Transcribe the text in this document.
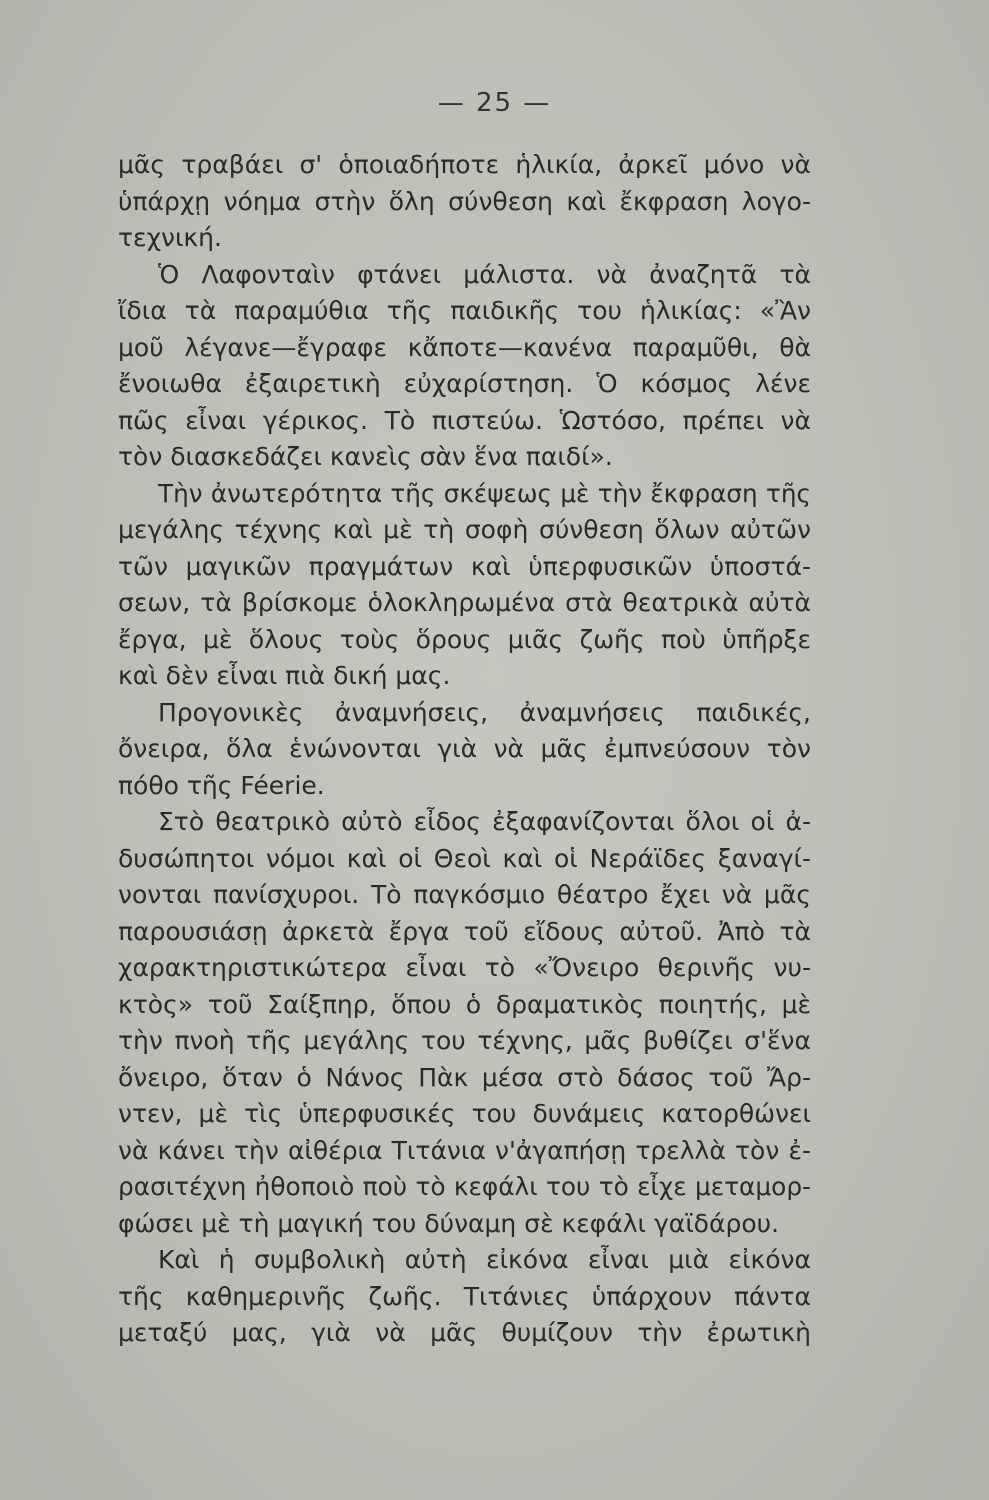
— 25 —
μᾶς τραβάει σ' ὁποιαδήποτε ἡλικία, ἀρκεῖ μόνο νὰ
ὑπάρχῃ νόημα στὴν ὅλη σύνθεση καὶ ἔκφραση λογο-
τεχνική.
Ὁ Λαφονταὶν φτάνει μάλιστα. νὰ ἀναζητᾶ τὰ
ἴδια τὰ παραμύθια τῆς παιδικῆς του ἡλικίας: «Ἂν
μοῦ λέγανε—ἔγραφε κἄποτε—κανένα παραμῦθι, θὰ
ἔνοιωθα ἐξαιρετικὴ εὐχαρίστηση. Ὁ κόσμος λένε
πῶς εἶναι γέρικος. Τὸ πιστεύω. Ὡστόσο, πρέπει νὰ
τὸν διασκεδάζει κανεὶς σὰν ἕνα παιδί».
Τὴν ἀνωτερότητα τῆς σκέψεως μὲ τὴν ἔκφραση τῆς
μεγάλης τέχνης καὶ μὲ τὴ σοφὴ σύνθεση ὅλων αὐτῶν
τῶν μαγικῶν πραγμάτων καὶ ὑπερφυσικῶν ὑποστά-
σεων, τὰ βρίσκομε ὁλοκληρωμένα στὰ θεατρικὰ αὐτὰ
ἔργα, μὲ ὅλους τοὺς ὅρους μιᾶς ζωῆς ποὺ ὑπῆρξε
καὶ δὲν εἶναι πιὰ δική μας.
Προγονικὲς ἀναμνήσεις, ἀναμνήσεις παιδικές,
ὄνειρα, ὅλα ἑνώνονται γιὰ νὰ μᾶς ἐμπνεύσουν τὸν
πόθο τῆς Féerie.
Στὸ θεατρικὸ αὐτὸ εἶδος ἐξαφανίζονται ὅλοι οἱ ἀ-
δυσώπητοι νόμοι καὶ οἱ Θεοὶ καὶ οἱ Νεράϊδες ξαναγί-
νονται πανίσχυροι. Τὸ παγκόσμιο θέατρο ἔχει νὰ μᾶς
παρουσιάσῃ ἀρκετὰ ἔργα τοῦ εἴδους αὐτοῦ. Ἀπὸ τὰ
χαρακτηριστικώτερα εἶναι τὸ «Ὄνειρο θερινῆς νυ-
κτὸς» τοῦ Σαίξπηρ, ὅπου ὁ δραματικὸς ποιητής, μὲ
τὴν πνοὴ τῆς μεγάλης του τέχνης, μᾶς βυθίζει σ'ἕνα
ὄνειρο, ὅταν ὁ Νάνος Πὰκ μέσα στὸ δάσος τοῦ Ἄρ-
ντεν, μὲ τὶς ὑπερφυσικές του δυνάμεις κατορθώνει
νὰ κάνει τὴν αἰθέρια Τιτάνια ν'ἀγαπήσῃ τρελλὰ τὸν ἐ-
ρασιτέχνη ἠθοποιὸ ποὺ τὸ κεφάλι του τὸ εἶχε μεταμορ-
φώσει μὲ τὴ μαγική του δύναμη σὲ κεφάλι γαϊδάρου.
Καὶ ἡ συμβολικὴ αὐτὴ εἰκόνα εἶναι μιὰ εἰκόνα
τῆς καθημερινῆς ζωῆς. Τιτάνιες ὑπάρχουν πάντα
μεταξύ μας, γιὰ νὰ μᾶς θυμίζουν τὴν ἐρωτικὴ
